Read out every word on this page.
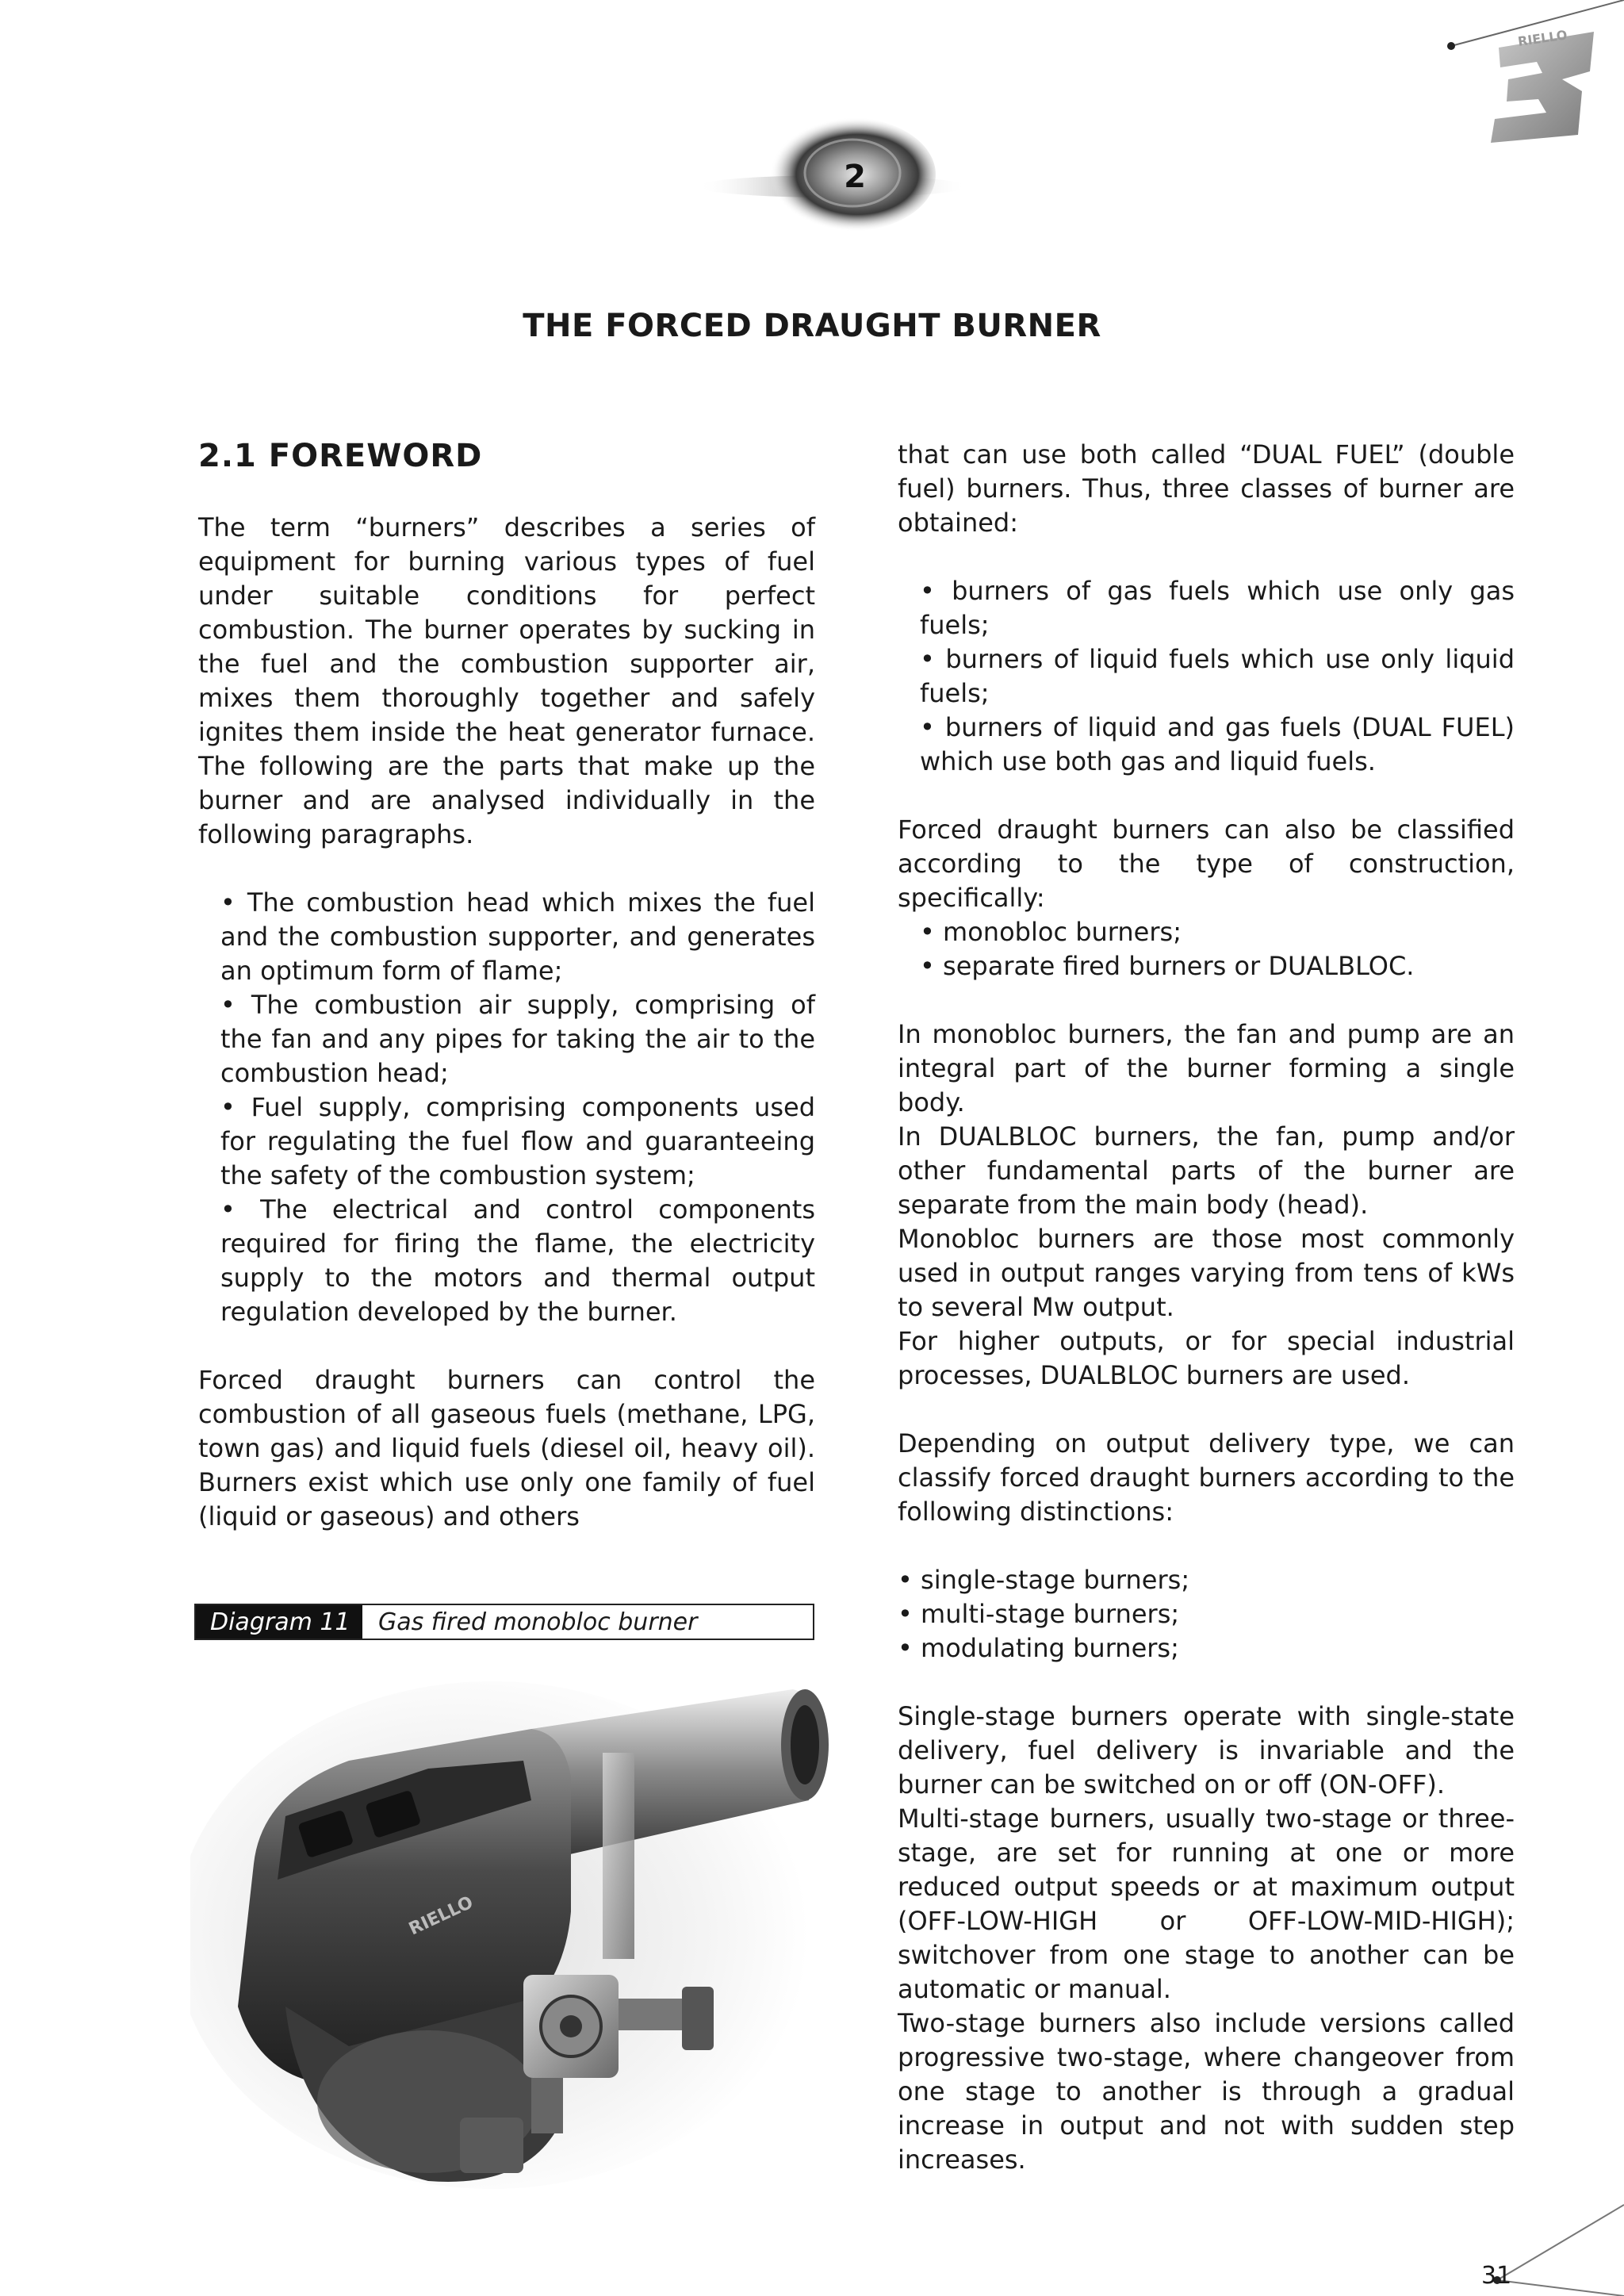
RIELLO
2
THE FORCED DRAUGHT BURNER
2.1 FOREWORD

The term “burners” describes a series of equipment for burning various types of fuel under suitable conditions for perfect combustion. The burner operates by sucking in the fuel and the combustion supporter air, mixes them thoroughly together and safely ignites them inside the heat generator furnace. The following are the parts that make up the burner and are analysed individually in the following paragraphs.

• The combustion head which mixes the fuel and the combustion supporter, and generates an optimum form of flame;

• The combustion air supply, comprising of the fan and any pipes for taking the air to the combustion head;

• Fuel supply, comprising components used for regulating the fuel flow and guaranteeing the safety of the combustion system;

• The electrical and control components required for firing the flame, the electricity supply to the motors and thermal output regulation developed by the burner.

Forced draught burners can control the combustion of all gaseous fuels (methane, LPG, town gas) and liquid fuels (diesel oil, heavy oil). Burners exist which use only one family of fuel (liquid or gaseous) and others

Diagram 11	Gas fired monobloc burner
RIELLO

that can use both called “DUAL FUEL” (double fuel) burners. Thus, three classes of burner are obtained:

• burners of gas fuels which use only gas fuels;

• burners of liquid fuels which use only liquid fuels;

• burners of liquid and gas fuels (DUAL FUEL) which use both gas and liquid fuels.

Forced draught burners can also be classified according to the type of construction, specifically:

• monobloc burners;

• separate fired burners or DUALBLOC.

In monobloc burners, the fan and pump are an integral part of the burner forming a single body.

In DUALBLOC burners, the fan, pump and/or other fundamental parts of the burner are separate from the main body (head).

Monobloc burners are those most commonly used in output ranges varying from tens of kWs to several Mw output.

For higher outputs, or for special industrial processes, DUALBLOC burners are used.

Depending on output delivery type, we can classify forced draught burners according to the following distinctions:

• single-stage burners;

• multi-stage burners;

• modulating burners;

Single-stage burners operate with single-state delivery, fuel delivery is invariable and the burner can be switched on or off (ON-OFF).

Multi-stage burners, usually two-stage or three-stage, are set for running at one or more reduced output speeds or at maximum output (OFF-LOW-HIGH or OFF-LOW-MID-HIGH); switchover from one stage to another can be automatic or manual.

Two-stage burners also include versions called progressive two-stage, where changeover from one stage to another is through a gradual increase in output and not with sudden step increases.

31
